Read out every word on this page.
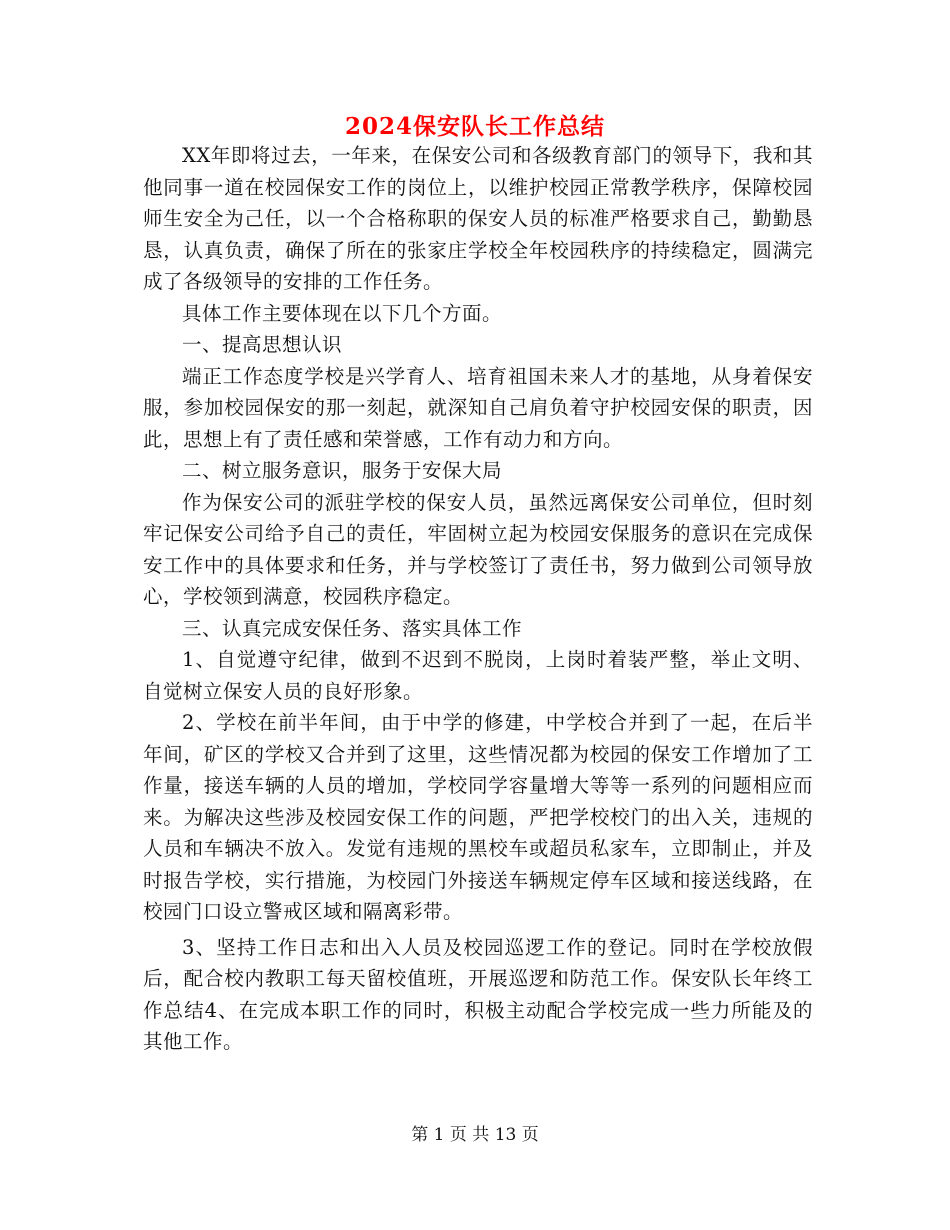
2024保安队长工作总结

XX年即将过去，一年来，在保安公司和各级教育部门的领导下，我和其他同事一道在校园保安工作的岗位上，以维护校园正常教学秩序，保障校园师生安全为己任，以一个合格称职的保安人员的标准严格要求自己，勤勤恳恳，认真负责，确保了所在的张家庄学校全年校园秩序的持续稳定，圆满完成了各级领导的安排的工作任务。

具体工作主要体现在以下几个方面。

一、提高思想认识

端正工作态度学校是兴学育人、培育祖国未来人才的基地，从身着保安服，参加校园保安的那一刻起，就深知自己肩负着守护校园安保的职责，因此，思想上有了责任感和荣誉感，工作有动力和方向。

二、树立服务意识，服务于安保大局

作为保安公司的派驻学校的保安人员，虽然远离保安公司单位，但时刻牢记保安公司给予自己的责任，牢固树立起为校园安保服务的意识在完成保安工作中的具体要求和任务，并与学校签订了责任书，努力做到公司领导放心，学校领到满意，校园秩序稳定。

三、认真完成安保任务、落实具体工作

1、自觉遵守纪律，做到不迟到不脱岗，上岗时着装严整，举止文明、自觉树立保安人员的良好形象。

2、学校在前半年间，由于中学的修建，中学校合并到了一起，在后半年间，矿区的学校又合并到了这里，这些情况都为校园的保安工作增加了工作量，接送车辆的人员的增加，学校同学容量增大等等一系列的问题相应而来。为解决这些涉及校园安保工作的问题，严把学校校门的出入关，违规的人员和车辆决不放入。发觉有违规的黑校车或超员私家车，立即制止，并及时报告学校，实行措施，为校园门外接送车辆规定停车区域和接送线路，在校园门口设立警戒区域和隔离彩带。

3、坚持工作日志和出入人员及校园巡逻工作的登记。同时在学校放假后，配合校内教职工每天留校值班，开展巡逻和防范工作。保安队长年终工作总结4、在完成本职工作的同时，积极主动配合学校完成一些力所能及的其他工作。

第 1 页 共 13 页
